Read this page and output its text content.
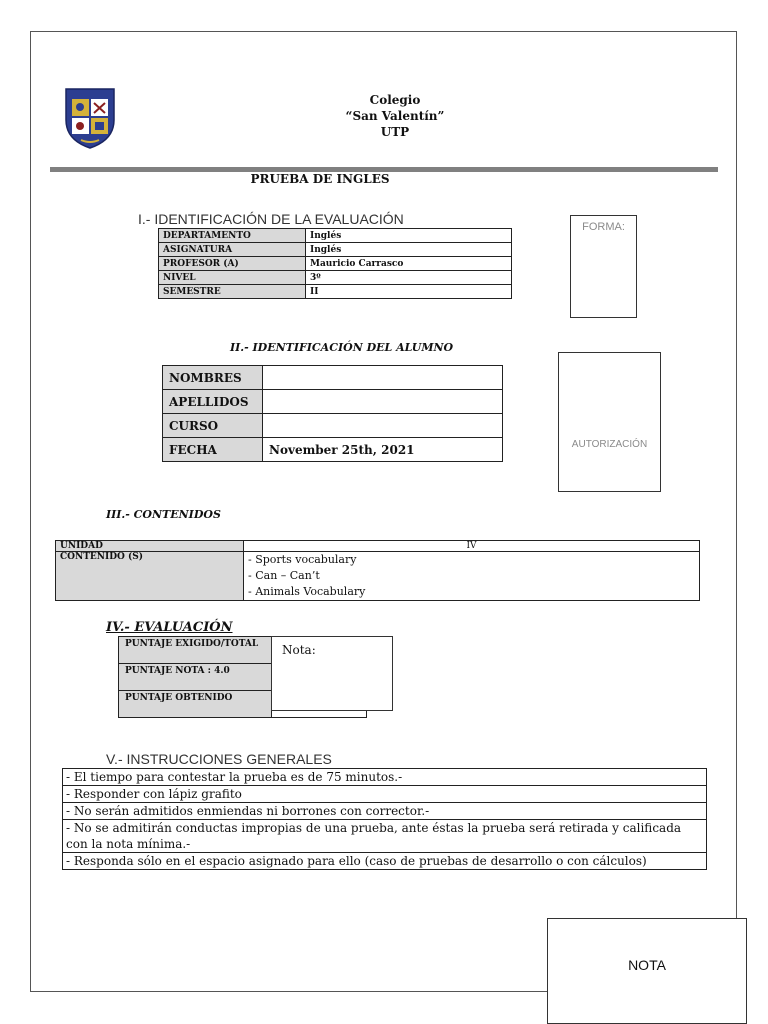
Colegio
“San Valentín”
UTP
PRUEBA DE INGLES
I.- IDENTIFICACIÓN DE LA EVALUACIÓN
DEPARTAMENTO	Inglés
ASIGNATURA	Inglés
PROFESOR (A)	Mauricio Carrasco
NIVEL	3º
SEMESTRE	II
FORMA:
II.- IDENTIFICACIÓN DEL ALUMNO
NOMBRES	
APELLIDOS	
CURSO	
FECHA	November 25th, 2021	AUTORIZACIÓN
III.- CONTENIDOS
UNIDAD	IV
CONTENIDO (S)	- Sports vocabulary
- Can – Can’t
- Animals Vocabulary
IV.- EVALUACIÓN
PUNTAJE EXIGIDO/TOTAL	
PUNTAJE NOTA : 4.0	
PUNTAJE OBTENIDO	
Nota:
V.- INSTRUCCIONES GENERALES
- El tiempo para contestar la prueba es de 75 minutos.-
- Responder con lápiz grafito
- No serán admitidos enmiendas ni borrones con corrector.-
- No se admitirán conductas impropias de una prueba, ante éstas la prueba será retirada y calificada con la nota mínima.-
- Responda sólo en el espacio asignado para ello (caso de pruebas de desarrollo o con cálculos)
NOTA
